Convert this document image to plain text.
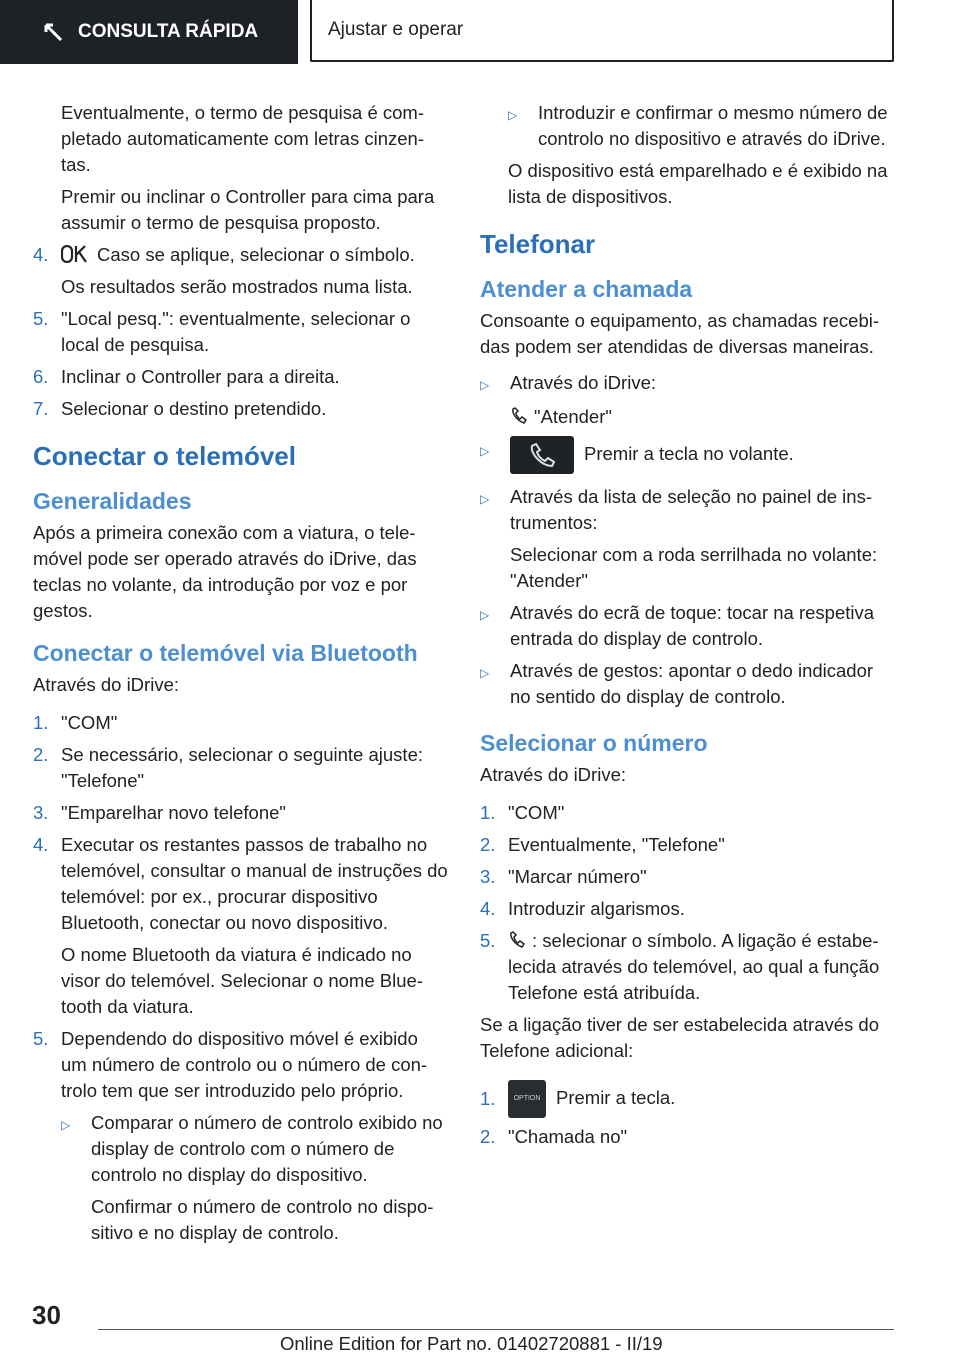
CONSULTA RÁPIDA	Ajustar e operar

Eventualmente, o termo de pesquisa é com‐pletado automaticamente com letras cinzen‐tas.

Premir ou inclinar o Controller para cima para assumir o termo de pesquisa proposto.

4.	Caso se aplique, selecionar o símbolo.

Os resultados serão mostrados numa lista.

5. "Local pesq.": eventualmente, selecionar o local de pesquisa.
6. Inclinar o Controller para a direita.
7. Selecionar o destino pretendido.
Conectar o telemóvel
Generalidades

Após a primeira conexão com a viatura, o tele‐móvel pode ser operado através do iDrive, das teclas no volante, da introdução por voz e por gestos.

Conectar o telemóvel via Bluetooth

Através do iDrive:

1. "COM"
2. Se necessário, selecionar o seguinte ajuste: "Telefone"
3. "Emparelhar novo telefone"
4. Executar os restantes passos de trabalho no telemóvel, consultar o manual de instruções do telemóvel: por ex., procurar dispositivo Bluetooth, conectar ou novo dispositivo.

O nome Bluetooth da viatura é indicado no visor do telemóvel. Selecionar o nome Blue‐tooth da viatura.

5. Dependendo do dispositivo móvel é exibido um número de controlo ou o número de con‐trolo tem que ser introduzido pelo próprio.
▷	Comparar o número de controlo exibido no display de controlo com o número de controlo no display do dispositivo.

Confirmar o número de controlo no dispo‐sitivo e no display de controlo.

▷	Introduzir e confirmar o mesmo número de controlo no dispositivo e através do iDrive.

O dispositivo está emparelhado e é exibido na lista de dispositivos.

Telefonar
Atender a chamada

Consoante o equipamento, as chamadas recebi‐das podem ser atendidas de diversas maneiras.

▷	Através do iDrive:

"Atender"

▷	Premir a tecla no volante.
▷	Através da lista de seleção no painel de ins‐trumentos:

Selecionar com a roda serrilhada no volante: "Atender"

▷	Através do ecrã de toque: tocar na respetiva entrada do display de controlo.
▷	Através de gestos: apontar o dedo indicador no sentido do display de controlo.
Selecionar o número

Através do iDrive:

1. "COM"
2. Eventualmente, "Telefone"
3. "Marcar número"
4. Introduzir algarismos.
5.	: selecionar o símbolo. A ligação é estabe‐lecida através do telemóvel, ao qual a função Telefone está atribuída.

Se a ligação tiver de ser estabelecida através do Telefone adicional:

1.	OPTION Premir a tecla.
2. "Chamada no"
30
Online Edition for Part no. 01402720881 - II/19
